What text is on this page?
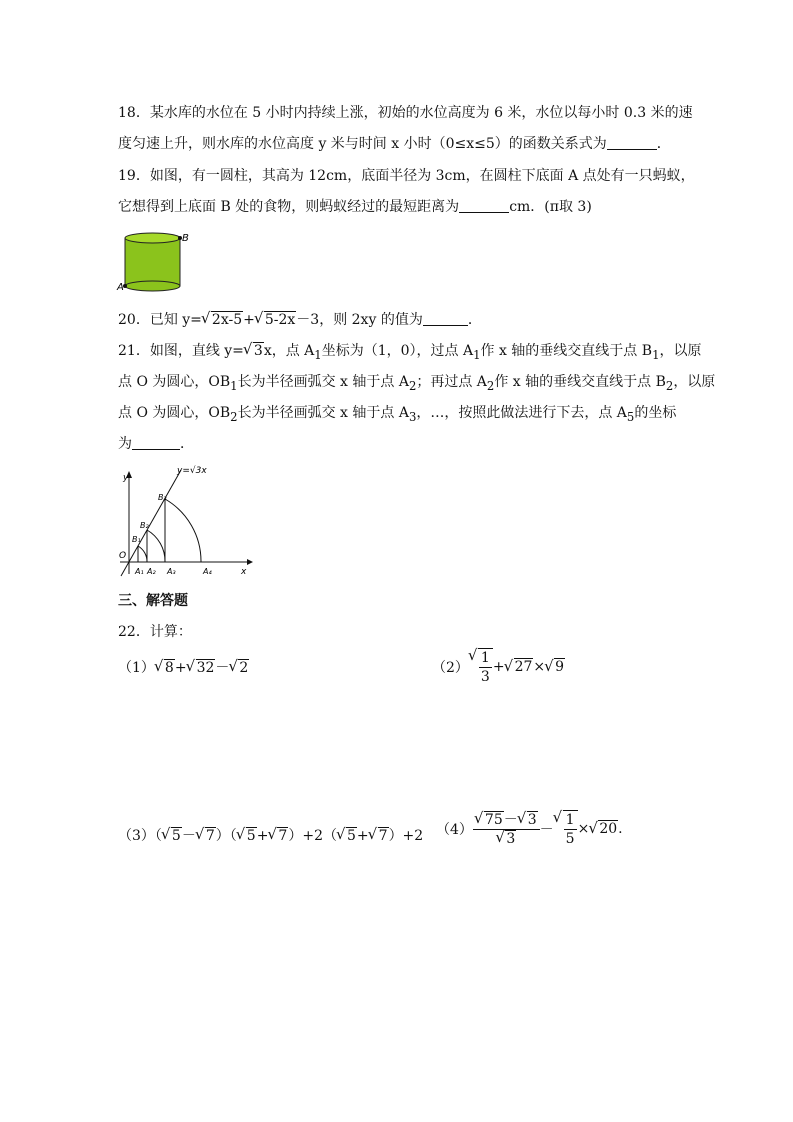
18．某水库的水位在 5 小时内持续上涨，初始的水位高度为 6 米，水位以每小时 0.3 米的速
度匀速上升，则水库的水位高度 y 米与时间 x 小时（0≤x≤5）的函数关系式为	．
19．如图，有一圆柱，其高为 12cm，底面半径为 3cm，在圆柱下底面 A 点处有一只蚂蚁，
它想得到上底面 B 处的食物，则蚂蚁经过的最短距离为	cm．(π取 3)
B
A
20．已知 y= √ 2x-5+ √ 5-2x－3，则 2xy 的值为	．
21．如图，直线 y= √ 3x，点 $A_1$坐标为（1，0），过点 $A_1$作 x 轴的垂线交直线于点 $B_1$，以原
点 O 为圆心，$OB_1$长为半径画弧交 x 轴于点 $A_2$；再过点 $A_2$作 x 轴的垂线交直线于点 $B_2$，以原
点 O 为圆心，$OB_2$长为半径画弧交 x 轴于点 $A_3$，…，按照此做法进行下去，点 $A_5$的坐标
为	．
y=√3x
y
x
O
A₁ A₂ A₃	A₄
B₁
B₂
B₃
三、解答题
22．计算：
（1） √ 8+ √ 32－ √ 2	（2） √ $\frac{1}{3}$ + √ 27× √ 9
（3）（ √ 5－ √ 7）（ √ 5+ √ 7）+2（ √ 5+ √ 7）+2 （4） √ 75－ √ 3
√ 3 － √ $\frac{1}{5}$ × √ 20.
